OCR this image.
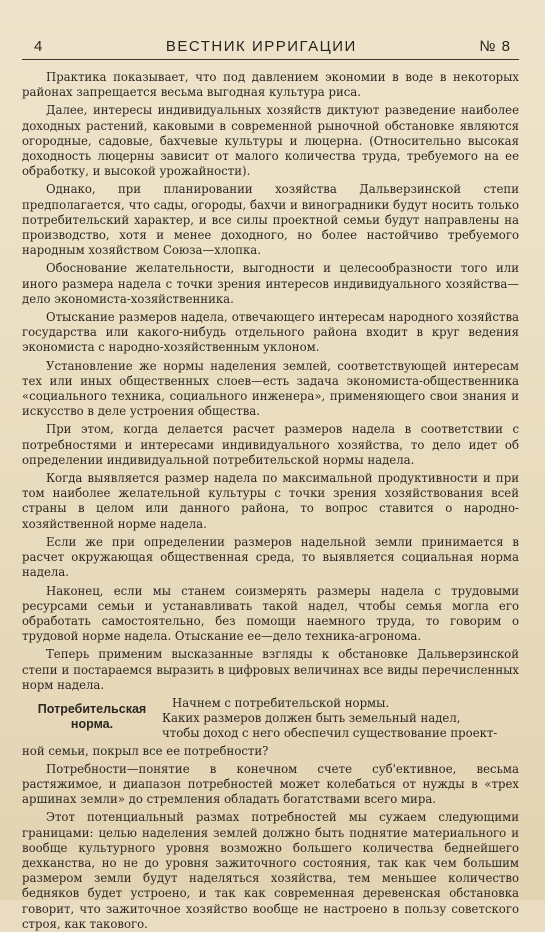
4	ВЕСТНИК ИРРИГАЦИИ	№ 8

Практика показывает, что под давлением экономии в воде в некоторых районах запрещается весьма выгодная культура риса.

Далее, интересы индивидуальных хозяйств диктуют разведение наиболее доходных растений, каковыми в современной рыночной обстановке являются огородные, садовые, бахчевые культуры и люцерна. (Относительно высокая доходность люцерны зависит от малого количества труда, требуемого на ее обработку, и высокой урожайности).

Однако, при планировании хозяйства Дальверзинской степи предполагается, что сады, огороды, бахчи и виноградники будут носить только потребительский характер, и все силы проектной семьи будут направлены на производство, хотя и менее доходного, но более настойчиво требуемого народным хозяйством Союза—хлопка.

Обоснование желательности, выгодности и целесообразности того или иного размера надела с точки зрения интересов индивидуального хозяйства—дело экономиста-хозяйственника.

Отыскание размеров надела, отвечающего интересам народного хозяйства государства или какого-нибудь отдельного района входит в круг ведения экономиста с народно-хозяйственным уклоном.

Установление же нормы наделения землей, соответствующей интересам тех или иных общественных слоев—есть задача экономиста-общественника «социального техника, социального инженера», применяющего свои знания и искусство в деле устроения общества.

При этом, когда делается расчет размеров надела в соответствии с потребностями и интересами индивидуального хозяйства, то дело идет об определении индивидуальной потребительской нормы надела.

Когда выявляется размер надела по максимальной продуктивности и при том наиболее желательной культуры с точки зрения хозяйствования всей страны в целом или данного района, то вопрос ставится о народно-хозяйственной норме надела.

Если же при определении размеров надельной земли принимается в расчет окружающая общественная среда, то выявляется социальная норма надела.

Наконец, если мы станем соизмерять размеры надела с трудовыми ресурсами семьи и устанавливать такой надел, чтобы семья могла его обработать самостоятельно, без помощи наемного труда, то говорим о трудовой норме надела. Отыскание ее—дело техника-агронома.

Теперь применим высказанные взгляды к обстановке Дальверзинской степи и постараемся выразить в цифровых величинах все виды перечисленных норм надела.

Потребительская норма.

Начнем с потребительской нормы.

Каких размеров должен быть земельный надел,

чтобы доход с него обеспечил существование проект-

ной семьи, покрыл все ее потребности?

Потребности—понятие в конечном счете суб'ективное, весьма растяжимое, и диапазон потребностей может колебаться от нужды в «трех аршинах земли» до стремления обладать богатствами всего мира.

Этот потенциальный размах потребностей мы сужаем следующими границами: целью наделения землей должно быть поднятие материального и вообще культурного уровня возможно большего количества беднейшего дехканства, но не до уровня зажиточного состояния, так как чем большим размером земли будут наделяться хозяйства, тем меньшее количество бедняков будет устроено, и так как современная деревенская обстановка говорит, что зажиточное хозяйство вообще не настроено в пользу советского строя, как такового.
